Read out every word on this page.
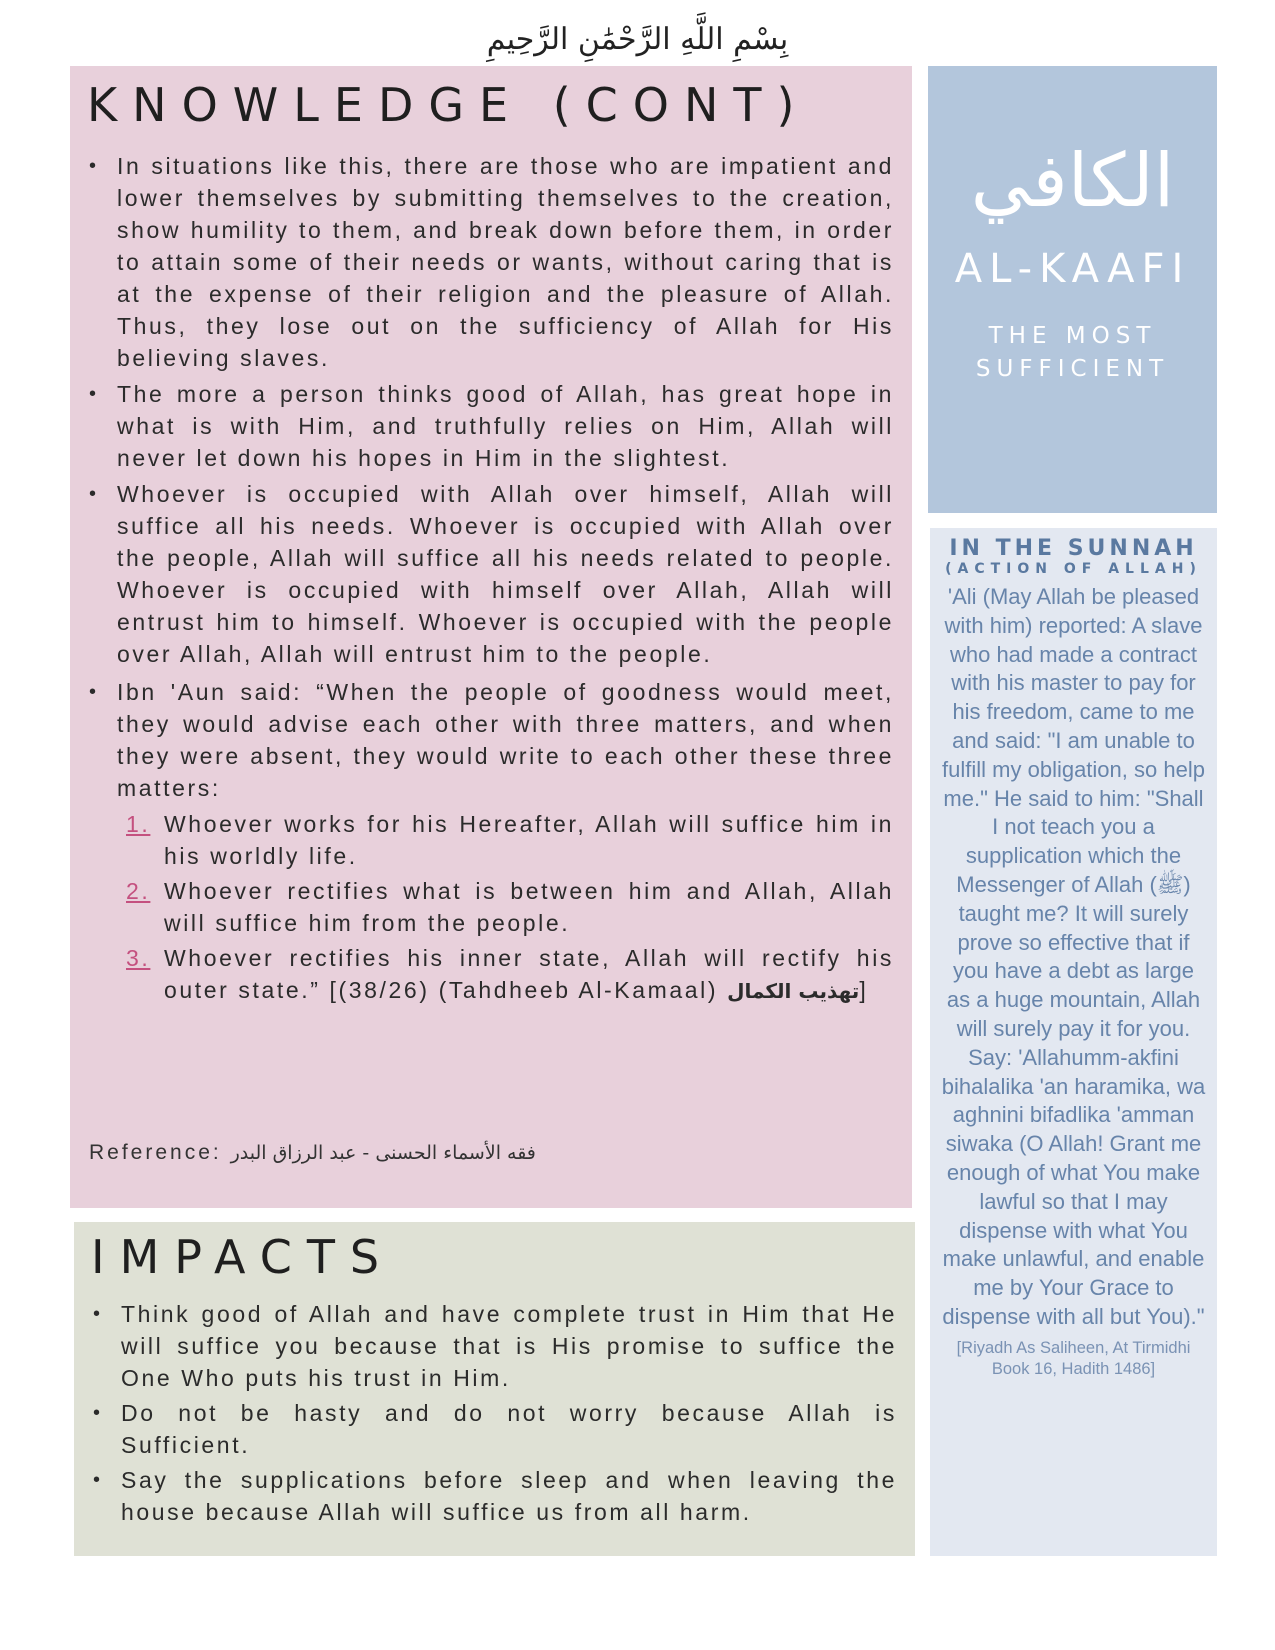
بِسْمِ اللَّهِ الرَّحْمَٰنِ الرَّحِيمِ
KNOWLEDGE (CONT)
• In situations like this, there are those who are impatient and lower themselves by submitting themselves to the creation, show humility to them, and break down before them, in order to attain some of their needs or wants, without caring that is at the expense of their religion and the pleasure of Allah. Thus, they lose out on the sufficiency of Allah for His believing slaves.
• The more a person thinks good of Allah, has great hope in what is with Him, and truthfully relies on Him, Allah will never let down his hopes in Him in the slightest.
• Whoever is occupied with Allah over himself, Allah will suffice all his needs. Whoever is occupied with Allah over the people, Allah will suffice all his needs related to people. Whoever is occupied with himself over Allah, Allah will entrust him to himself. Whoever is occupied with the people over Allah, Allah will entrust him to the people.
• Ibn 'Aun said: “When the people of goodness would meet, they would advise each other with three matters, and when they were absent, they would write to each other these three matters:
1. Whoever works for his Hereafter, Allah will suffice him in his worldly life.
2. Whoever rectifies what is between him and Allah, Allah will suffice him from the people.
3. Whoever rectifies his inner state, Allah will rectify his outer state.” [(38/26) (Tahdheeb Al-Kamaal) تهذيب الكمال]
Reference: فقه الأسماء الحسنى - عبد الرزاق البدر
IMPACTS
• Think good of Allah and have complete trust in Him that He will suffice you because that is His promise to suffice the One Who puts his trust in Him.
• Do not be hasty and do not worry because Allah is Sufficient.
• Say the supplications before sleep and when leaving the house because Allah will suffice us from all harm.
الكافي
AL-KAAFI
THE MOST
SUFFICIENT
IN THE SUNNAH
(ACTION OF ALLAH)
'Ali (May Allah be pleased with him) reported: A slave who had made a contract with his master to pay for his freedom, came to me and said: "I am unable to fulfill my obligation, so help me." He said to him: "Shall I not teach you a supplication which the Messenger of Allah (ﷺ) taught me? It will surely prove so effective that if you have a debt as large as a huge mountain, Allah will surely pay it for you. Say: 'Allahumm-akfini bihalalika 'an haramika, wa aghnini bifadlika 'amman siwaka (O Allah! Grant me enough of what You make lawful so that I may dispense with what You make unlawful, and enable me by Your Grace to dispense with all but You)."
[Riyadh As Saliheen, At Tirmidhi Book 16, Hadith 1486]
